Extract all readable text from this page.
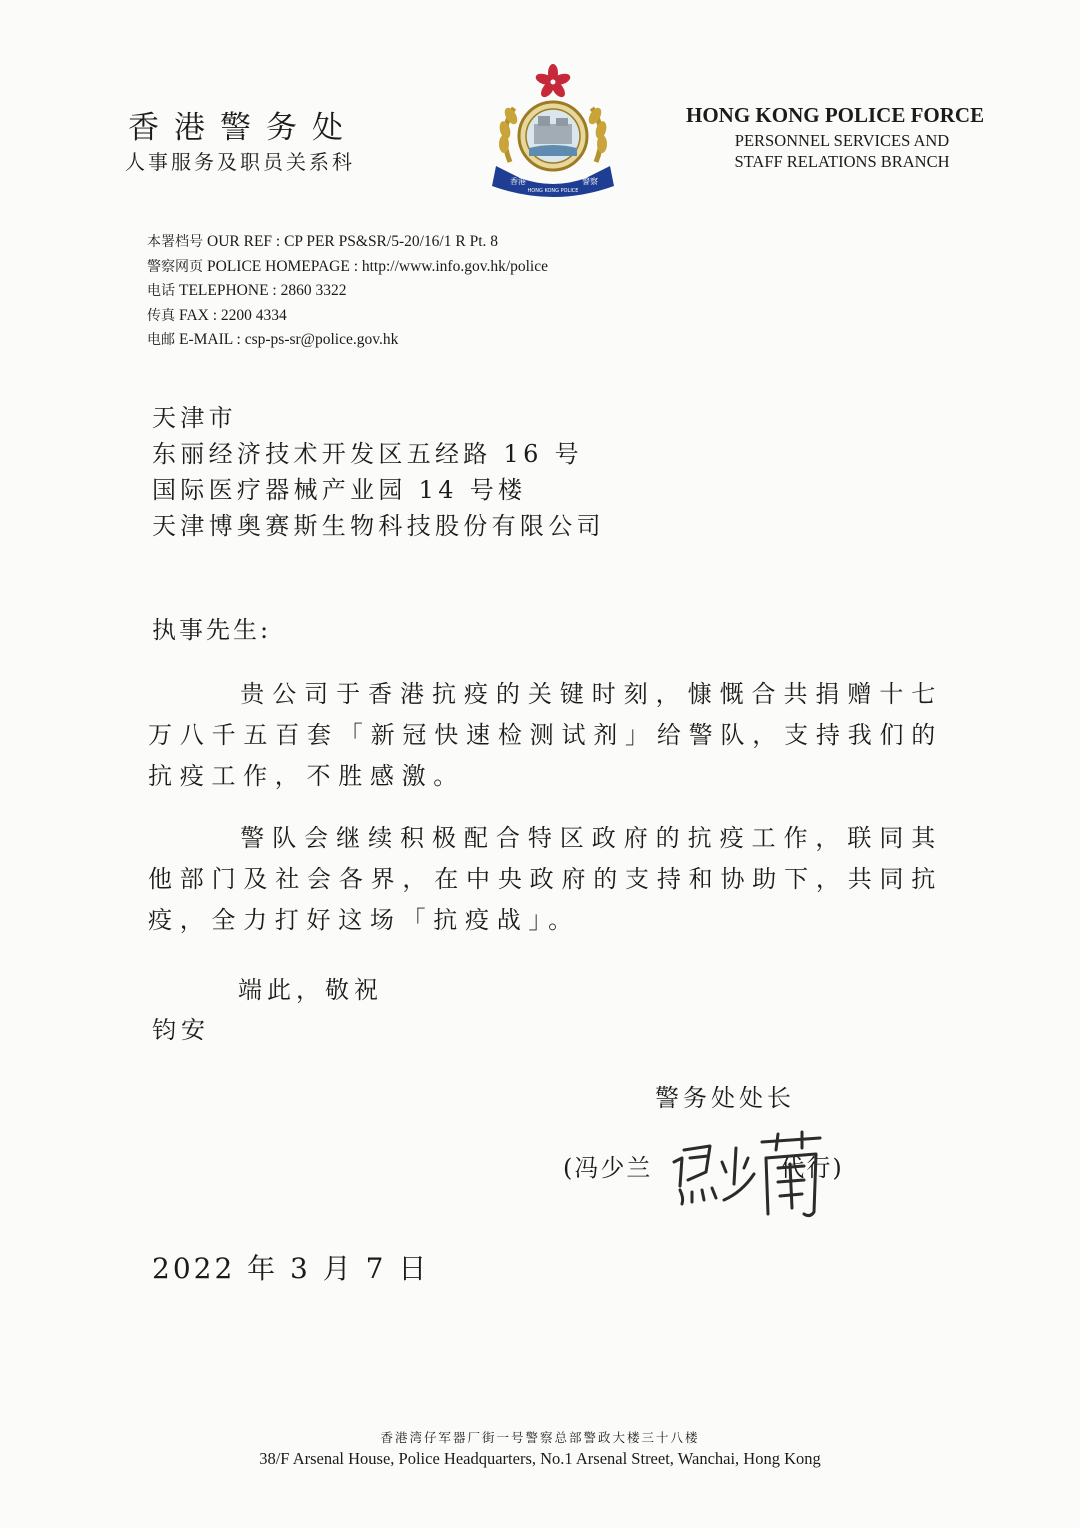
香港警务处
人事服务及职员关系科
香港
HONG KONG POLICE
警察
HONG KONG POLICE FORCE
PERSONNEL SERVICES AND
STAFF RELATIONS BRANCH
本署档号 OUR REF : CP PER PS&SR/5-20/16/1 R Pt. 8
警察网页 POLICE HOMEPAGE : http://www.info.gov.hk/police
电话 TELEPHONE : 2860 3322
传真 FAX : 2200 4334
电邮 E-MAIL : csp-ps-sr@police.gov.hk
天津市
东丽经济技术开发区五经路 16 号
国际医疗器械产业园 14 号楼
天津博奥赛斯生物科技股份有限公司
执事先生:
贵公司于香港抗疫的关键时刻，慷慨合共捐赠十七万八千五百套「新冠快速检测试剂」给警队，支持我们的抗疫工作，不胜感激。
警队会继续积极配合特区政府的抗疫工作，联同其他部门及社会各界，在中央政府的支持和协助下，共同抗疫，全力打好这场「抗疫战」。
端此，敬祝
钧安
警务处处长
(冯少兰	代行)
2022 年 3 月 7 日
香港湾仔军器厂街一号警察总部警政大楼三十八楼
38/F Arsenal House, Police Headquarters, No.1 Arsenal Street, Wanchai, Hong Kong
